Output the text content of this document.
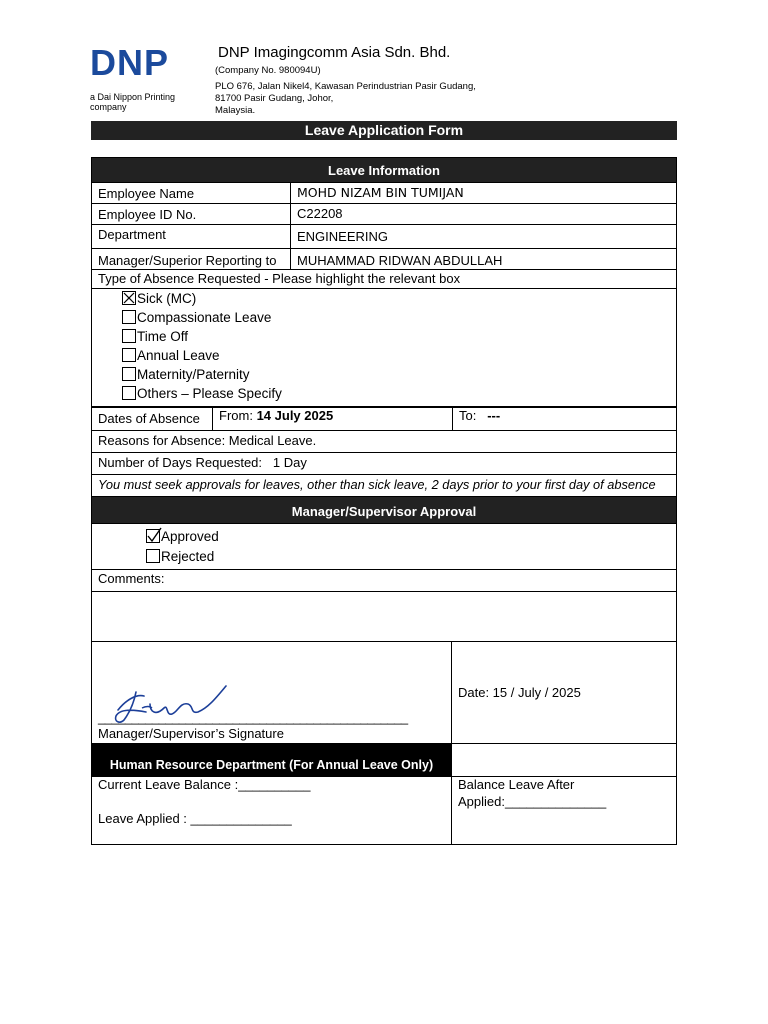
DNP
a Dai Nippon Printing company
DNP Imagingcomm Asia Sdn. Bhd.
(Company No. 980094U)
PLO 676, Jalan Nikel4, Kawasan Perindustrian Pasir Gudang,
81700 Pasir Gudang, Johor,
Malaysia.
Leave Application Form
Leave Information
Employee Name	MOHD NIZAM BIN TUMIJAN
Employee ID No.	C22208
Department	ENGINEERING
Manager/Superior Reporting to	MUHAMMAD RIDWAN ABDULLAH
Type of Absence Requested - Please highlight the relevant box
Sick (MC)
Compassionate Leave
Time Off
Annual Leave
Maternity/Paternity
Others – Please Specify
Dates of Absence	From: 14 July 2025	To: ---
Reasons for Absence: Medical Leave.
Number of Days Requested: 1 Day
You must seek approvals for leaves, other than sick leave, 2 days prior to your first day of absence
Manager/Supervisor Approval
Approved
Rejected
Comments:
______________________________________________
Manager/Supervisor’s Signature
Date: 15 / July / 2025
Human Resource Department (For Annual Leave Only)
Current Leave Balance :__________
Leave Applied : ______________
Balance Leave After
Applied:______________
